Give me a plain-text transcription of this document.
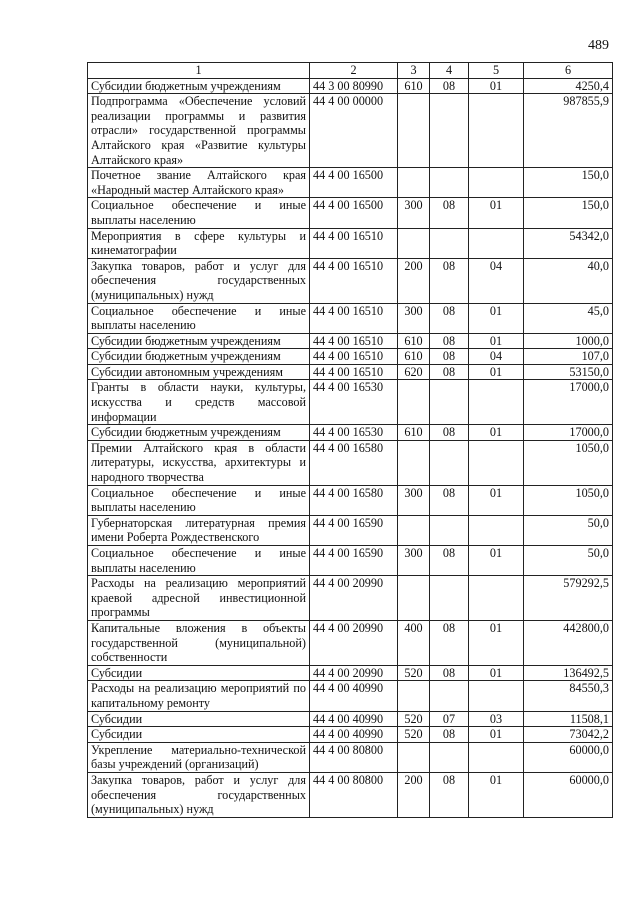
489
1	2	3	4	5	6
Субсидии бюджетным учреждениям	44 3 00 80990	610	08	01	4250,4
Подпрограмма «Обеспечение условий реализации программы и развития отрасли» государственной программы Алтайского края «Развитие культуры Алтайского края»	44 4 00 00000				987855,9
Почетное звание Алтайского края «Народный мастер Алтайского края»	44 4 00 16500				150,0
Социальное обеспечение и иные выплаты населению	44 4 00 16500	300	08	01	150,0
Мероприятия в сфере культуры и кинематографии	44 4 00 16510				54342,0
Закупка товаров, работ и услуг для обеспечения государственных (муниципальных) нужд	44 4 00 16510	200	08	04	40,0
Социальное обеспечение и иные выплаты населению	44 4 00 16510	300	08	01	45,0
Субсидии бюджетным учреждениям	44 4 00 16510	610	08	01	1000,0
Субсидии бюджетным учреждениям	44 4 00 16510	610	08	04	107,0
Субсидии автономным учреждениям	44 4 00 16510	620	08	01	53150,0
Гранты в области науки, культуры, искусства и средств массовой информации	44 4 00 16530				17000,0
Субсидии бюджетным учреждениям	44 4 00 16530	610	08	01	17000,0
Премии Алтайского края в области литературы, искусства, архитектуры и народного творчества	44 4 00 16580				1050,0
Социальное обеспечение и иные выплаты населению	44 4 00 16580	300	08	01	1050,0
Губернаторская литературная премия имени Роберта Рождественского	44 4 00 16590				50,0
Социальное обеспечение и иные выплаты населению	44 4 00 16590	300	08	01	50,0
Расходы на реализацию мероприятий краевой адресной инвестиционной программы	44 4 00 20990				579292,5
Капитальные вложения в объекты государственной (муниципальной) собственности	44 4 00 20990	400	08	01	442800,0
Субсидии	44 4 00 20990	520	08	01	136492,5
Расходы на реализацию мероприятий по капитальному ремонту	44 4 00 40990				84550,3
Субсидии	44 4 00 40990	520	07	03	11508,1
Субсидии	44 4 00 40990	520	08	01	73042,2
Укрепление материально-технической базы учреждений (организаций)	44 4 00 80800				60000,0
Закупка товаров, работ и услуг для обеспечения государственных (муниципальных) нужд	44 4 00 80800	200	08	01	60000,0
